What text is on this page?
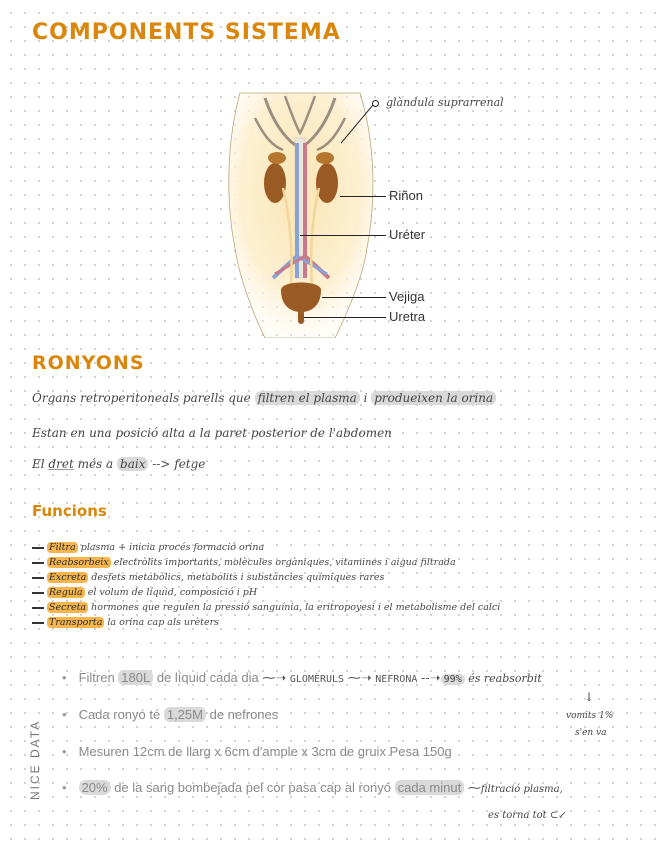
COMPONENTS SISTEMA
glàndula suprarrenal
Riñon
Uréter
Vejiga
Uretra
RONYONS
Òrgans retroperitoneals parells que filtren el plasma i produeixen la orina
Estan en una posició alta a la paret posterior de l'abdomen
El dret més a baix --> fetge
Funcions
Filtra plasma + inicia procés formació orina
Reabsorbeix electròlits importants, molècules orgàniques, vitamines i aigua filtrada
Excreta desfets metabòlics, metabolits i substàncies químiques rares
Regula el volum de líquid, composició i pH
Secreta hormones que regulen la pressió sanguínia, la eritropoyesi i el metabolisme del calci
Transporta la orina cap als urèters
NICE DATA
• Filtren 180L de líquid cada dia ⁓➝ GLOMÈRULS ⁓➝ NEFRONA --➝ 99% és reabsorbit
↓
vomits 1%
s'en va
• Cada ronyó té 1,25M de nefrones
• Mesuren 12cm de llarg x 6cm d'ample x 3cm de gruix Pesa 150g
• 20% de la sang bombejada pel cor pasa cap al ronyó cada minut ⁓filtració plasma,
es torna tot ⊂↙
